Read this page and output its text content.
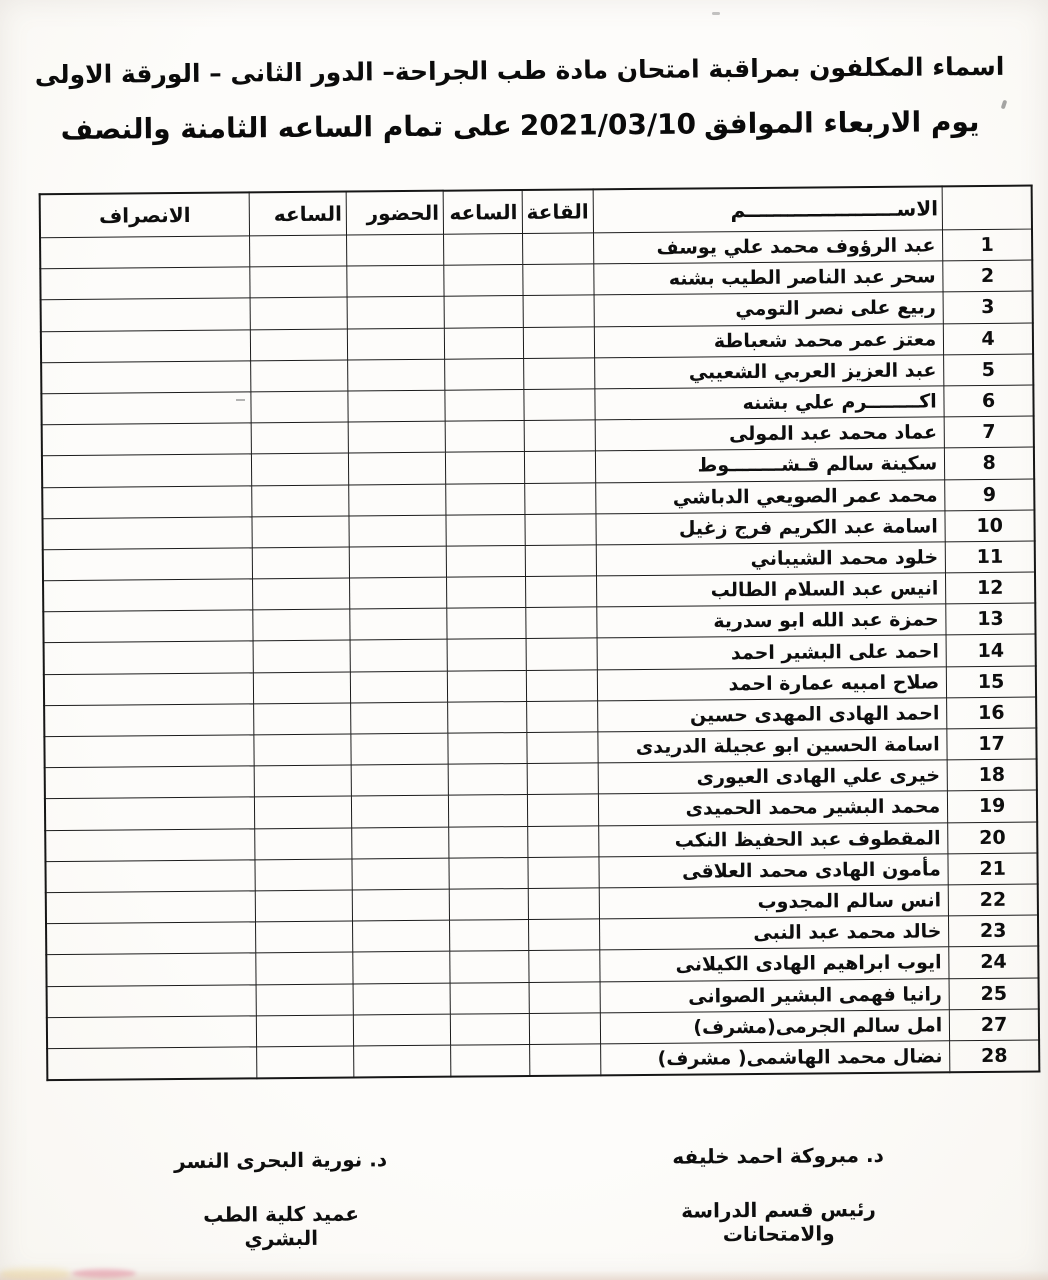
اسماء المكلفون بمراقبة امتحان مادة طب الجراحة– الدور الثانى – الورقة الاولى
يوم الاربعاء الموافق2021/03/10على تمام الساعه الثامنة والنصف
	الاســــــــــــــــــــــم	القاعة	الساعه	الحضور	الساعه	الانصراف
1	عبد الرؤوف محمد علي يوسف					
2	سحر عبد الناصر الطيب بشنه					
3	ربيع على نصر التومي					
4	معتز عمر محمد شعباطة					
5	عبد العزيز العربي الشعيبي					
6	اكــــــــرم علي بشنه					
7	عماد محمد عبد المولى					
8	سكينة سالم قـشــــــــوط					
9	محمد عمر الصويعي الدباشي					
10	اسامة عبد الكريم فرج زغيل					
11	خلود محمد الشيباني					
12	انيس عبد السلام الطالب					
13	حمزة عبد الله ابو سدرية					
14	احمد على البشير احمد					
15	صلاح امبيه عمارة احمد					
16	احمد الهادى المهدى حسين					
17	اسامة الحسين ابو عجيلة الدريدى					
18	خيرى علي الهادى العيورى					
19	محمد البشير محمد الحميدى					
20	المقطوف عبد الحفيظ النكب					
21	مأمون الهادى محمد العلاقى					
22	انس سالم المجدوب					
23	خالد محمد عبد النبى					
24	ايوب ابراهيم الهادى الكيلانى					
25	رانيا فهمى البشير الصوانى					
27	امل سالم الجرمى(مشرف)					
28	نضال محمد الهاشمى( مشرف)					
د. مبروكة احمد خليفه
رئيس قسم الدراسة والامتحانات
د. نورية البحرى النسر
عميد كلية الطب البشري
